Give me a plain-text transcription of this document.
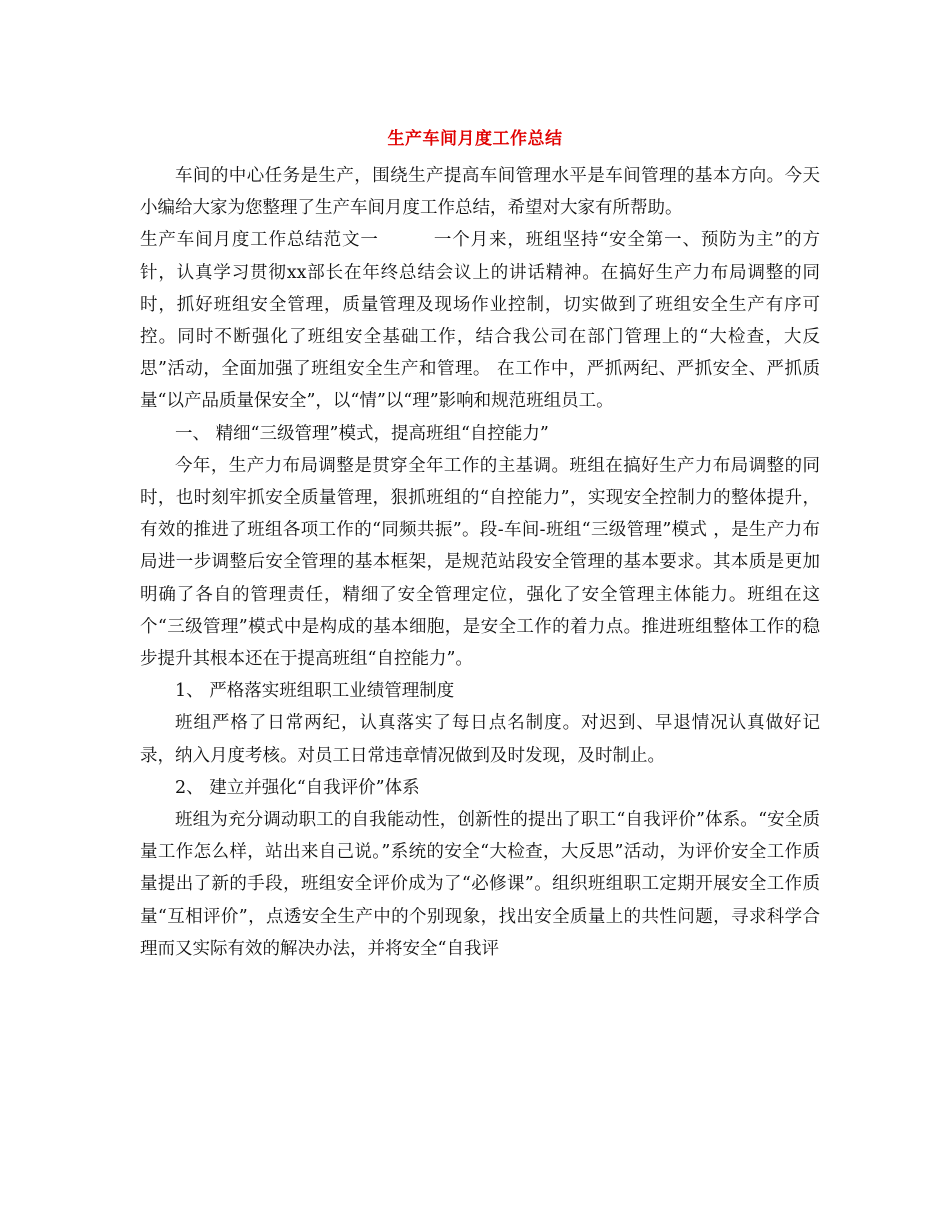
生产车间月度工作总结

车间的中心任务是生产，围绕生产提高车间管理水平是车间管理的基本方向。今天小编给大家为您整理了生产车间月度工作总结，希望对大家有所帮助。

生产车间月度工作总结范文一　　　一个月来，班组坚持“安全第一、预防为主”的方针，认真学习贯彻xx部长在年终总结会议上的讲话精神。在搞好生产力布局调整的同时，抓好班组安全管理，质量管理及现场作业控制，切实做到了班组安全生产有序可控。同时不断强化了班组安全基础工作，结合我公司在部门管理上的“大检查，大反思”活动，全面加强了班组安全生产和管理。 在工作中，严抓两纪、严抓安全、严抓质量“以产品质量保安全”，以“情”以“理”影响和规范班组员工。

一、 精细“三级管理”模式，提高班组“自控能力”

今年，生产力布局调整是贯穿全年工作的主基调。班组在搞好生产力布局调整的同时，也时刻牢抓安全质量管理，狠抓班组的“自控能力”，实现安全控制力的整体提升，有效的推进了班组各项工作的“同频共振”。段-车间-班组“三级管理”模式 ，是生产力布局进一步调整后安全管理的基本框架，是规范站段安全管理的基本要求。其本质是更加明确了各自的管理责任，精细了安全管理定位，强化了安全管理主体能力。班组在这个“三级管理”模式中是构成的基本细胞，是安全工作的着力点。推进班组整体工作的稳步提升其根本还在于提高班组“自控能力”。

1、 严格落实班组职工业绩管理制度

班组严格了日常两纪，认真落实了每日点名制度。对迟到、早退情况认真做好记录，纳入月度考核。对员工日常违章情况做到及时发现，及时制止。

2、 建立并强化“自我评价”体系

班组为充分调动职工的自我能动性，创新性的提出了职工“自我评价”体系。“安全质量工作怎么样，站出来自己说。”系统的安全“大检查，大反思”活动，为评价安全工作质量提出了新的手段，班组安全评价成为了“必修课”。组织班组职工定期开展安全工作质量“互相评价”，点透安全生产中的个别现象，找出安全质量上的共性问题，寻求科学合理而又实际有效的解决办法，并将安全“自我评
